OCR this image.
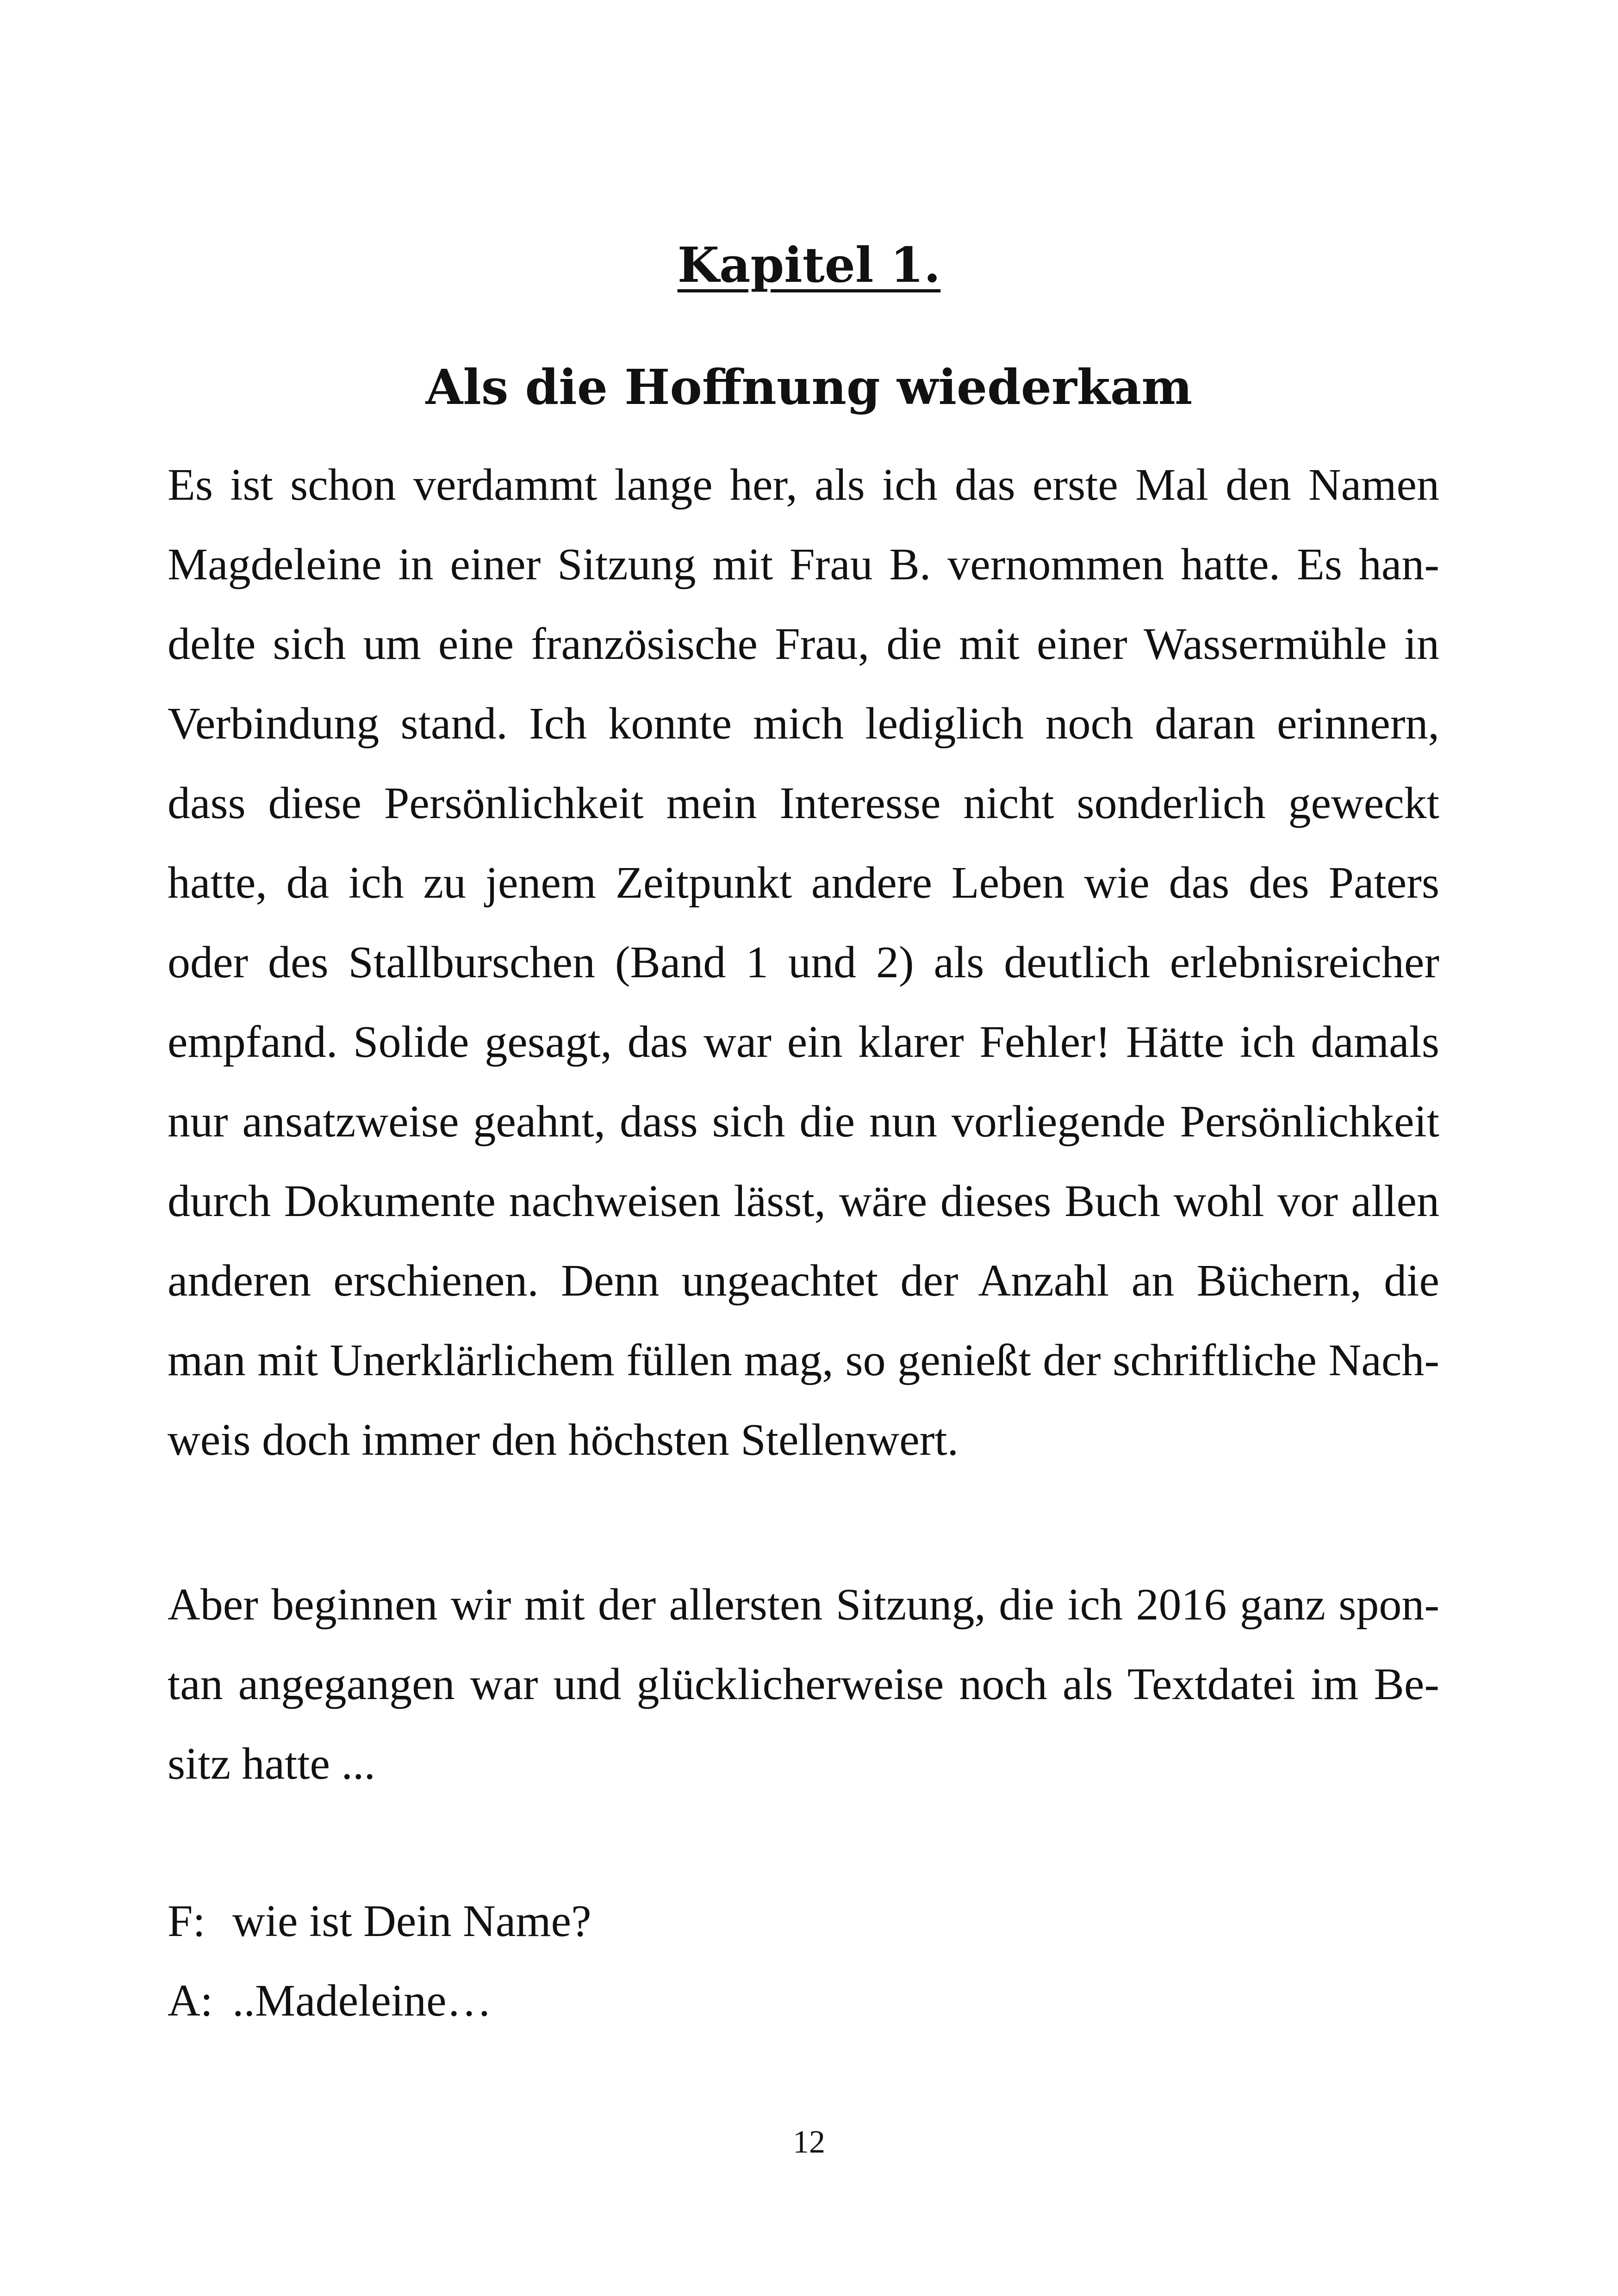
Kapitel 1.
Als die Hoffnung wiederkam
Es ist schon verdammt lange her, als ich das erste Mal den Namen
Magdeleine in einer Sitzung mit Frau B. vernommen hatte. Es han-
delte sich um eine französische Frau, die mit einer Wassermühle in
Verbindung stand. Ich konnte mich lediglich noch daran erinnern,
dass diese Persönlichkeit mein Interesse nicht sonderlich geweckt
hatte, da ich zu jenem Zeitpunkt andere Leben wie das des Paters
oder des Stallburschen (Band 1 und 2) als deutlich erlebnisreicher
empfand. Solide gesagt, das war ein klarer Fehler! Hätte ich damals
nur ansatzweise geahnt, dass sich die nun vorliegende Persönlichkeit
durch Dokumente nachweisen lässt, wäre dieses Buch wohl vor allen
anderen erschienen. Denn ungeachtet der Anzahl an Büchern, die
man mit Unerklärlichem füllen mag, so genießt der schriftliche Nach-
weis doch immer den höchsten Stellenwert.
Aber beginnen wir mit der allersten Sitzung, die ich 2016 ganz spon-
tan angegangen war und glücklicherweise noch als Textdatei im Be-
sitz hatte ...
F: wie ist Dein Name?
A: ..Madeleine…
12
